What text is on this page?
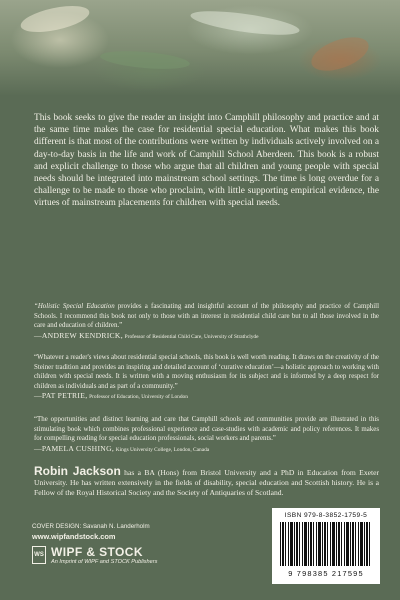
This book seeks to give the reader an insight into Camphill philosophy and practice and at the same time makes the case for residential special education. What makes this book different is that most of the contributions were written by individuals actively involved on a day-to-day basis in the life and work of Camphill School Aberdeen. This book is a robust and explicit challenge to those who argue that all children and young people with special needs should be integrated into mainstream school settings. The time is long overdue for a challenge to be made to those who proclaim, with little supporting empirical evidence, the virtues of mainstream placements for children with special needs.

“Holistic Special Education provides a fascinating and insightful account of the philosophy and practice of Camphill Schools. I recommend this book not only to those with an interest in residential child care but to all those involved in the care and education of children.”
—ANDREW KENDRICK, Professor of Residential Child Care, University of Strathclyde

“Whatever a reader's views about residential special schools, this book is well worth reading. It draws on the creativity of the Steiner tradition and provides an inspiring and detailed account of ‘curative education’—a holistic approach to working with children with special needs. It is written with a moving enthusiasm for its subject and is informed by a deep respect for children as individuals and as part of a community.”
—PAT PETRIE, Professor of Education, University of London

“The opportunities and distinct learning and care that Camphill schools and communities provide are illustrated in this stimulating book which combines professional experience and case-studies with academic and policy references. It makes for compelling reading for special education professionals, social workers and parents.”
—PAMELA CUSHING, Kings University College, London, Canada

Robin Jackson has a BA (Hons) from Bristol University and a PhD in Education from Exeter University. He has written extensively in the fields of disability, special education and Scottish history. He is a Fellow of the Royal Historical Society and the Society of Antiquaries of Scotland.

COVER DESIGN: Savanah N. Landerholm
www.wipfandstock.com
WS WIPF & STOCK
An Imprint of WIPF and STOCK Publishers
ISBN 979-8-3852-1759-5
9 798385 217595
